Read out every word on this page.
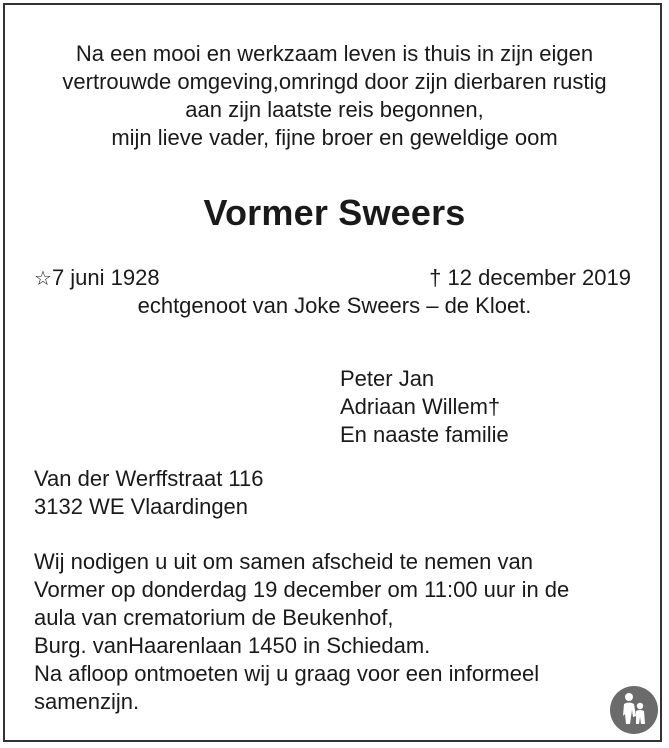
Na een mooi en werkzaam leven is thuis in zijn eigen
vertrouwde omgeving,omringd door zijn dierbaren rustig
aan zijn laatste reis begonnen,
mijn lieve vader, fijne broer en geweldige oom
Vormer Sweers
☆7 juni 1928	† 12 december 2019
echtgenoot van Joke Sweers – de Kloet.
Peter Jan
Adriaan Willem†
En naaste familie
Van der Werffstraat 116
3132 WE Vlaardingen
Wij nodigen u uit om samen afscheid te nemen van
Vormer op donderdag 19 december om 11:00 uur in de
aula van crematorium de Beukenhof,
Burg. vanHaarenlaan 1450 in Schiedam.
Na afloop ontmoeten wij u graag voor een informeel
samenzijn.
